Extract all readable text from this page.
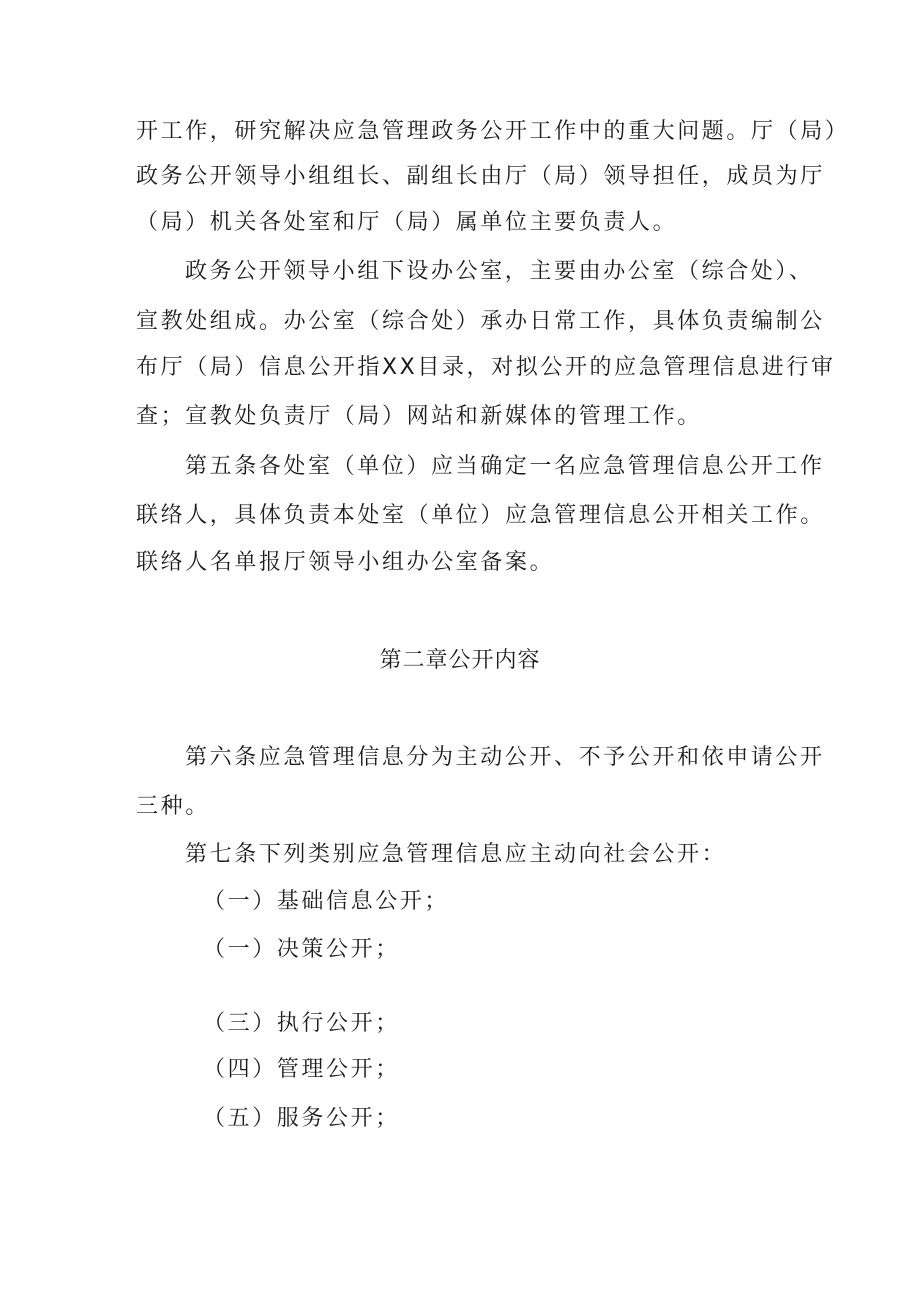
开工作，研究解决应急管理政务公开工作中的重大问题。厅（局）
政务公开领导小组组长、副组长由厅（局）领导担任，成员为厅
（局）机关各处室和厅（局）属单位主要负责人。
政务公开领导小组下设办公室，主要由办公室（综合处）、
宣教处组成。办公室（综合处）承办日常工作，具体负责编制公
布厅（局）信息公开指XX目录，对拟公开的应急管理信息进行审
查；宣教处负责厅（局）网站和新媒体的管理工作。
第五条各处室（单位）应当确定一名应急管理信息公开工作
联络人，具体负责本处室（单位）应急管理信息公开相关工作。
联络人名单报厅领导小组办公室备案。
第二章公开内容
第六条应急管理信息分为主动公开、不予公开和依申请公开
三种。
第七条下列类别应急管理信息应主动向社会公开：
（一）基础信息公开；
（一）决策公开；
（三）执行公开；
（四）管理公开；
（五）服务公开；
